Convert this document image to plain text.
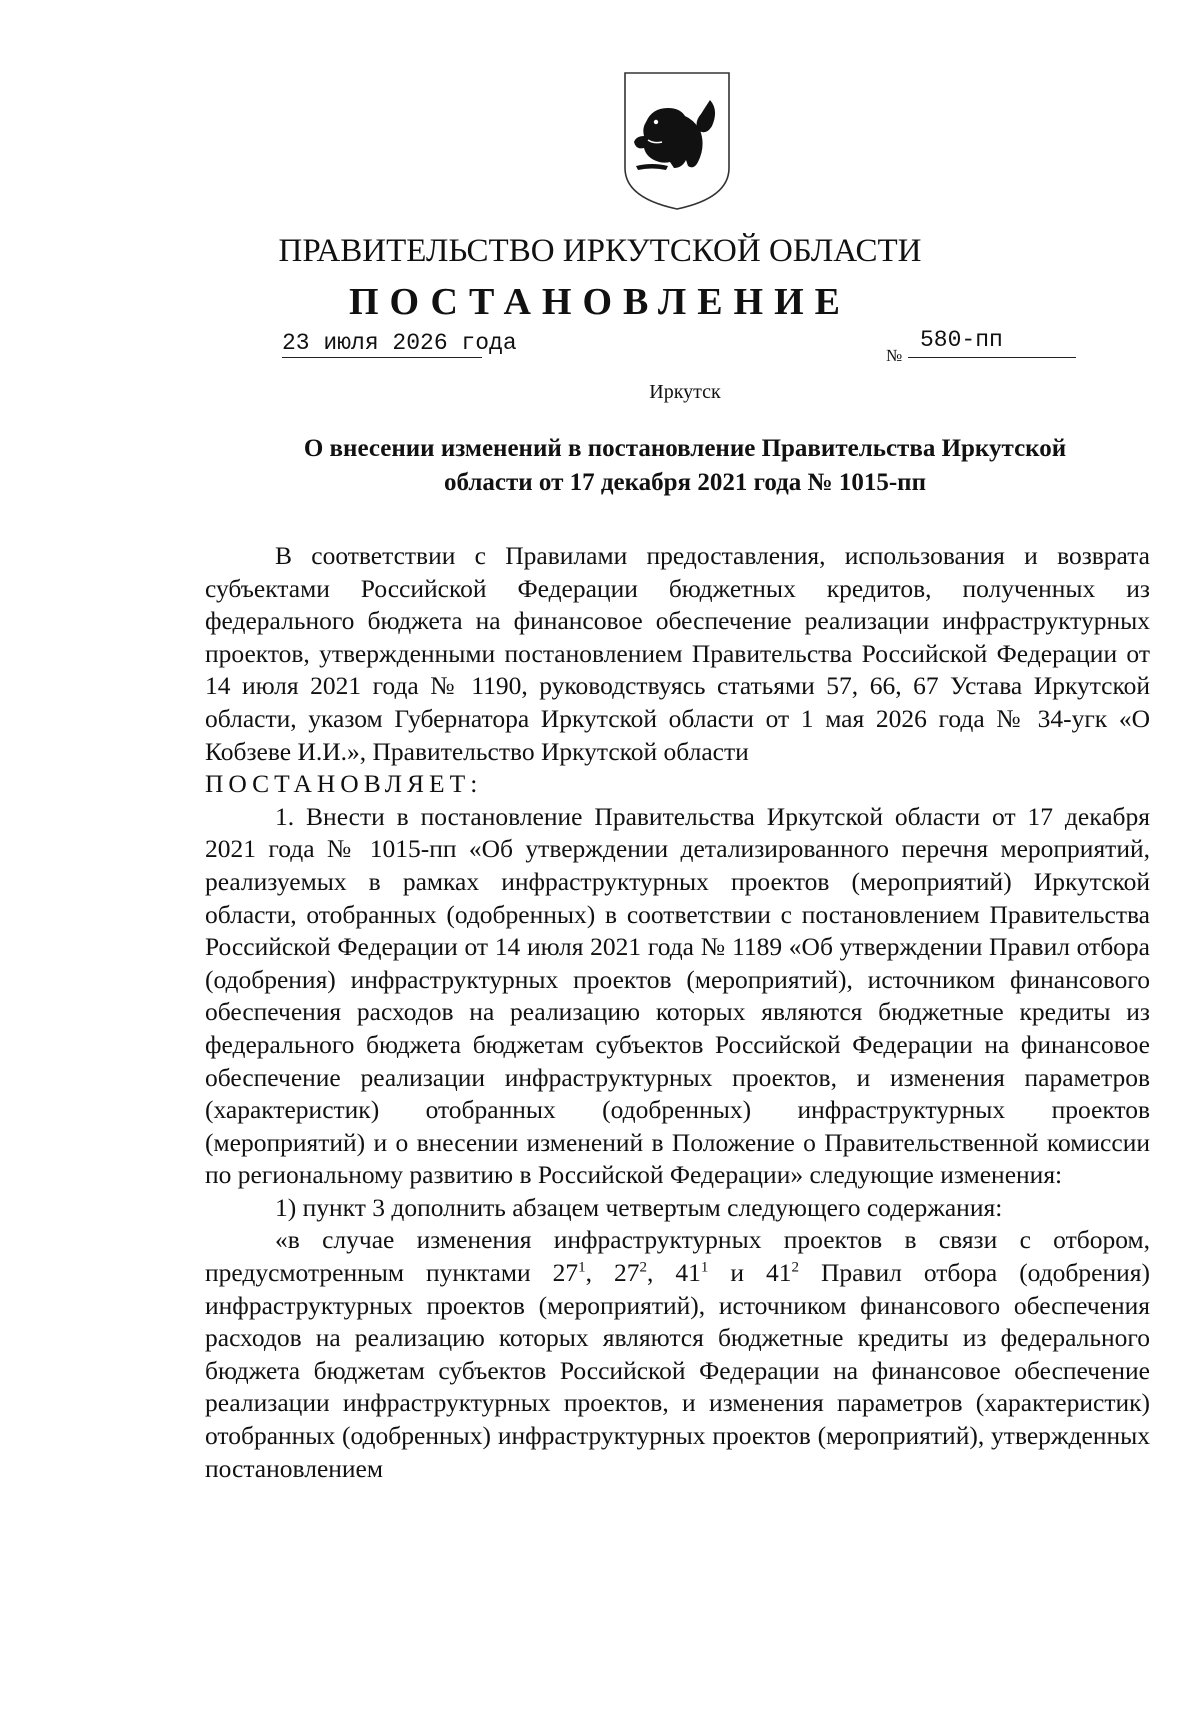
ПРАВИТЕЛЬСТВО ИРКУТСКОЙ ОБЛАСТИ
ПОСТАНОВЛЕНИЕ
23 июля 2026 года	№
580-пп
Иркутск
О внесении изменений в постановление Правительства Иркутской
области от 17 декабря 2021 года № 1015-пп

В соответствии с Правилами предоставления, использования и возврата субъектами Российской Федерации бюджетных кредитов, полученных из федерального бюджета на финансовое обеспечение реализации инфраструктурных проектов, утвержденными постановлением Правительства Российской Федерации от 14 июля 2021 года № 1190, руководствуясь статьями 57, 66, 67 Устава Иркутской области, указом Губернатора Иркутской области от 1 мая 2026 года № 34-угк «О Кобзеве И.И.», Правительство Иркутской области

ПОСТАНОВЛЯЕТ:

1. Внести в постановление Правительства Иркутской области от 17 декабря 2021 года № 1015-пп «Об утверждении детализированного перечня мероприятий, реализуемых в рамках инфраструктурных проектов (мероприятий) Иркутской области, отобранных (одобренных) в соответствии с постановлением Правительства Российской Федерации от 14 июля 2021 года № 1189 «Об утверждении Правил отбора (одобрения) инфраструктурных проектов (мероприятий), источником финансового обеспечения расходов на реализацию которых являются бюджетные кредиты из федерального бюджета бюджетам субъектов Российской Федерации на финансовое обеспечение реализации инфраструктурных проектов, и изменения параметров (характеристик) отобранных (одобренных) инфраструктурных проектов (мероприятий) и о внесении изменений в Положение о Правительственной комиссии по региональному развитию в Российской Федерации» следующие изменения:

1) пункт 3 дополнить абзацем четвертым следующего содержания:

«в случае изменения инфраструктурных проектов в связи с отбором, предусмотренным пунктами $27^1$, $27^2$, $41^1$ и $41^2$ Правил отбора (одобрения) инфраструктурных проектов (мероприятий), источником финансового обеспечения расходов на реализацию которых являются бюджетные кредиты из федерального бюджета бюджетам субъектов Российской Федерации на финансовое обеспечение реализации инфраструктурных проектов, и изменения параметров (характеристик) отобранных (одобренных) инфраструктурных проектов (мероприятий), утвержденных постановлением
